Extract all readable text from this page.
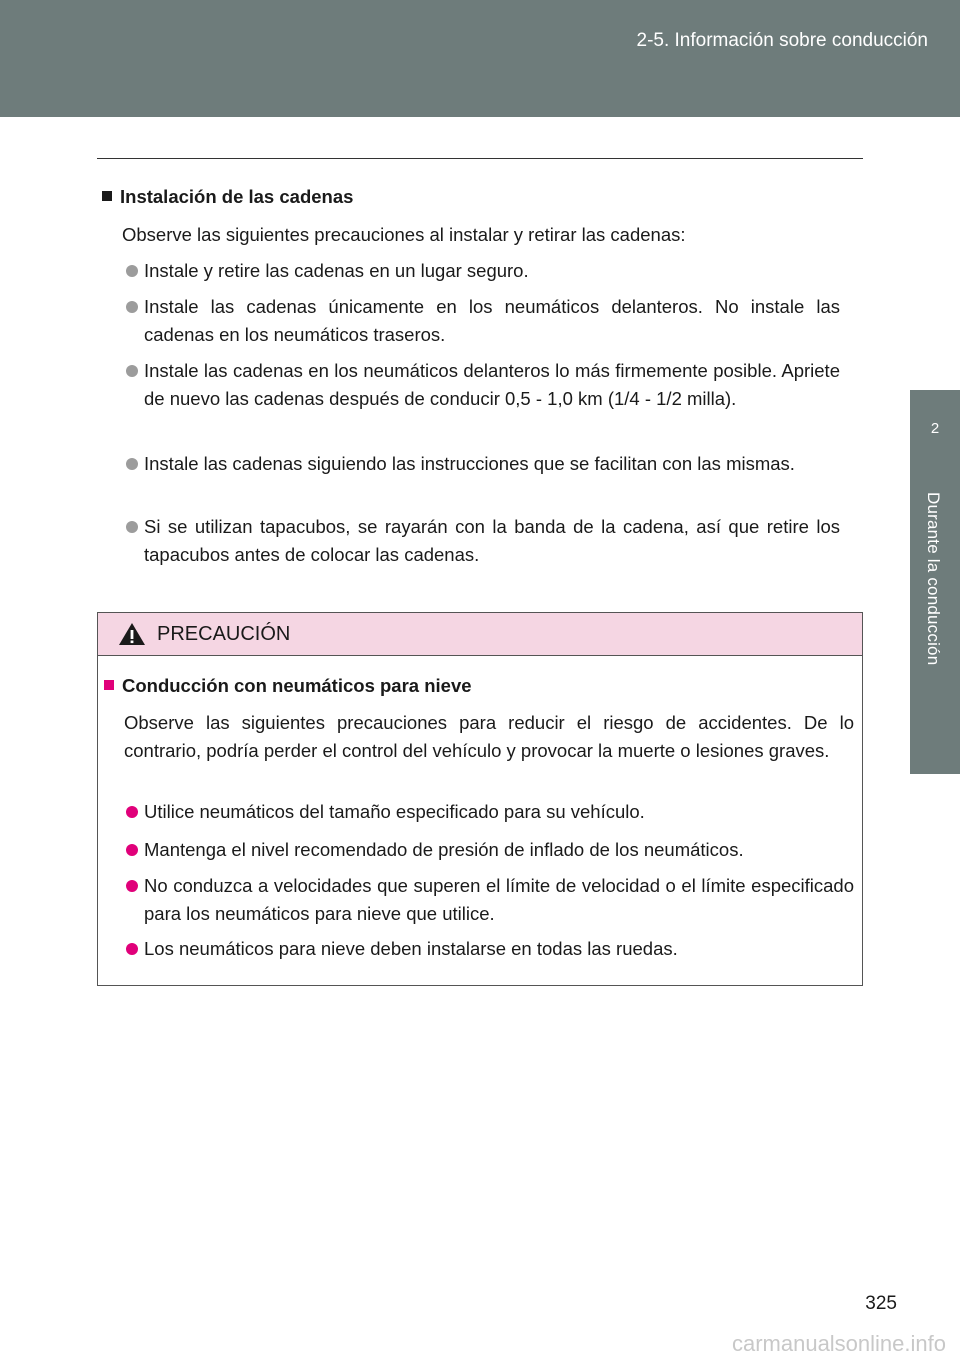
2-5. Información sobre conducción
2
Durante la conducción
Instalación de las cadenas
Observe las siguientes precauciones al instalar y retirar las cadenas:
Instale y retire las cadenas en un lugar seguro.
Instale las cadenas únicamente en los neumáticos delanteros. No instale las cadenas en los neumáticos traseros.
Instale las cadenas en los neumáticos delanteros lo más firmemente posible. Apriete de nuevo las cadenas después de conducir 0,5 - 1,0 km (1/4 - 1/2 milla).
Instale las cadenas siguiendo las instrucciones que se facilitan con las mismas.
Si se utilizan tapacubos, se rayarán con la banda de la cadena, así que retire los tapacubos antes de colocar las cadenas.
PRECAUCIÓN
Conducción con neumáticos para nieve
Observe las siguientes precauciones para reducir el riesgo de accidentes. De lo contrario, podría perder el control del vehículo y provocar la muerte o lesiones graves.
Utilice neumáticos del tamaño especificado para su vehículo.
Mantenga el nivel recomendado de presión de inflado de los neumáticos.
No conduzca a velocidades que superen el límite de velocidad o el límite especificado para los neumáticos para nieve que utilice.
Los neumáticos para nieve deben instalarse en todas las ruedas.
325
carmanualsonline.info
